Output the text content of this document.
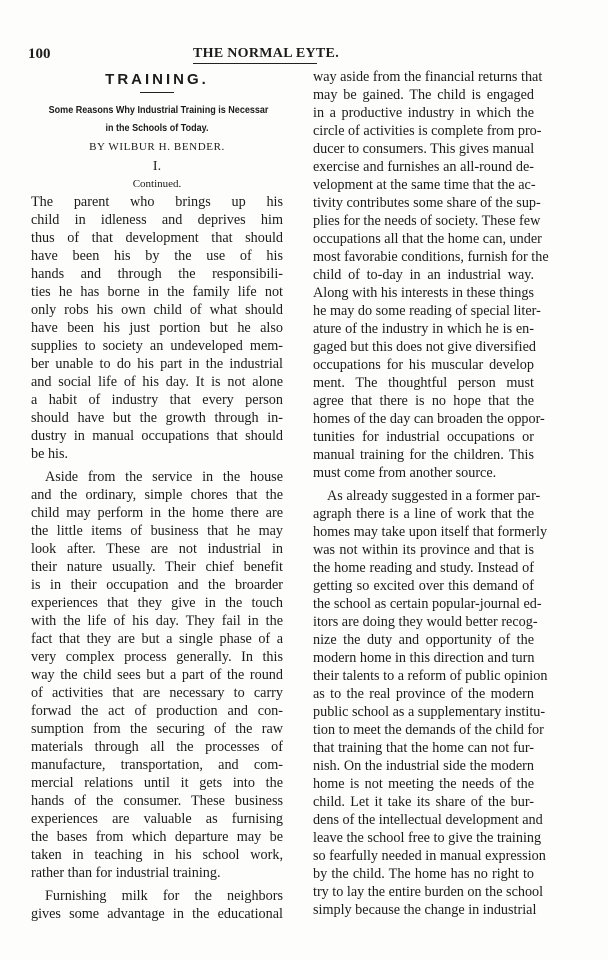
100	THE NORMAL EYTE.
TRAINING.
Some Reasons Why Industrial Training is Necessar
in the Schools of Today.
BY WILBUR H. BENDER.
I.
Continued.
The parent who brings up his
child in idleness and deprives him
thus of that development that should
have been his by the use of his
hands and through the responsibili-
ties he has borne in the family life not
only robs his own child of what should
have been his just portion but he also
supplies to society an undeveloped mem-
ber unable to do his part in the industrial
and social life of his day. It is not alone
a habit of industry that every person
should have but the growth through in-
dustry in manual occupations that should
be his.
Aside from the service in the house
and the ordinary, simple chores that the
child may perform in the home there are
the little items of business that he may
look after. These are not industrial in
their nature usually. Their chief benefit
is in their occupation and the broarder
experiences that they give in the touch
with the life of his day. They fail in the
fact that they are but a single phase of a
very complex process generally. In this
way the child sees but a part of the round
of activities that are necessary to carry
forwad the act of production and con-
sumption from the securing of the raw
materials through all the processes of
manufacture, transportation, and com-
mercial relations until it gets into the
hands of the consumer. These business
experiences are valuable as furnising
the bases from which departure may be
taken in teaching in his school work,
rather than for industrial training.
Furnishing milk for the neighbors
gives some advantage in the educational
way aside from the financial returns that
may be gained. The child is engaged
in a productive industry in which the
circle of activities is complete from pro-
ducer to consumers. This gives manual
exercise and furnishes an all-round de-
velopment at the same time that the ac-
tivity contributes some share of the sup-
plies for the needs of society. These few
occupations all that the home can, under
most favorabie conditions, furnish for the
child of to-day in an industrial way.
Along with his interests in these things
he may do some reading of special liter-
ature of the industry in which he is en-
gaged but this does not give diversified
occupations for his muscular develop
ment. The thoughtful person must
agree that there is no hope that the
homes of the day can broaden the oppor-
tunities for industrial occupations or
manual training for the children. This
must come from another source.
As already suggested in a former par-
agraph there is a line of work that the
homes may take upon itself that formerly
was not within its province and that is
the home reading and study. Instead of
getting so excited over this demand of
the school as certain popular-journal ed-
itors are doing they would better recog-
nize the duty and opportunity of the
modern home in this direction and turn
their talents to a reform of public opinion
as to the real province of the modern
public school as a supplementary institu-
tion to meet the demands of the child for
that training that the home can not fur-
nish. On the industrial side the modern
home is not meeting the needs of the
child. Let it take its share of the bur-
dens of the intellectual development and
leave the school free to give the training
so fearfully needed in manual expression
by the child. The home has no right to
try to lay the entire burden on the school
simply because the change in industrial
